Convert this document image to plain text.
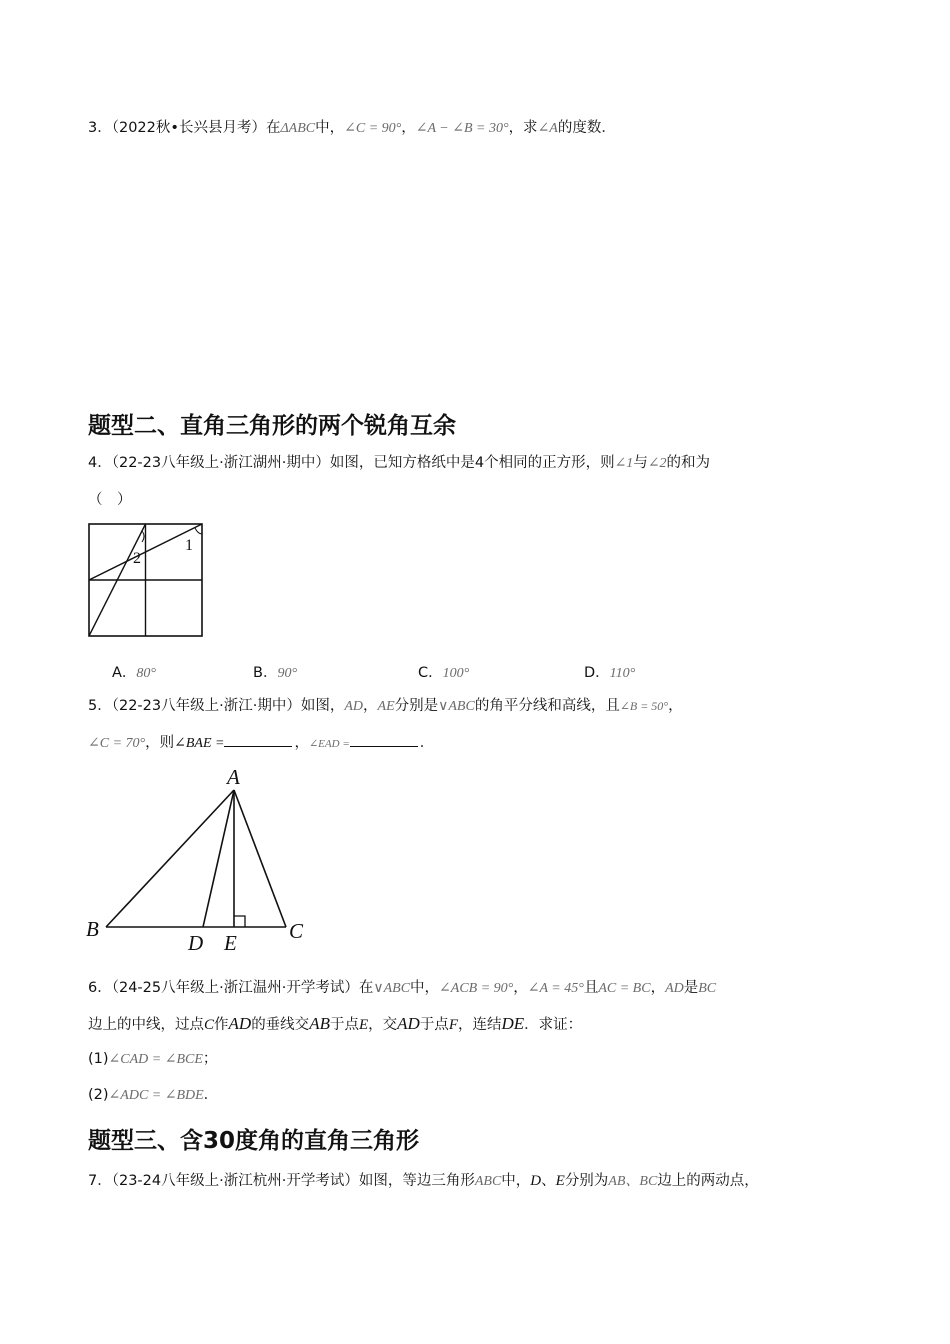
3．（2022秋•长兴县月考）在ΔABC中，∠C = 90°，∠A − ∠B = 30°，求∠A的度数．
题型二、直角三角形的两个锐角互余
4．（22-23八年级上·浙江湖州·期中）如图，已知方格纸中是4个相同的正方形，则∠1与∠2的和为
（　）
2
1
A．80°	B．90°	C．100°	D．110°
5．（22-23八年级上·浙江·期中）如图，AD，AE分别是∨ABC的角平分线和高线，且∠B = 50°，
∠C = 70°，则∠BAE =	，∠EAD =	．
A
B	C
D E
6．（24-25八年级上·浙江温州·开学考试）在∨ABC中，∠ACB = 90°，∠A = 45°且AC = BC，AD是BC
边上的中线，过点C作AD的垂线交AB于点E，交AD于点F，连结DE．求证：
(1)∠CAD = ∠BCE；
(2)∠ADC = ∠BDE．
题型三、含30度角的直角三角形
7．（23-24八年级上·浙江杭州·开学考试）如图，等边三角形ABC中，D、E分别为AB、BC边上的两动点，
